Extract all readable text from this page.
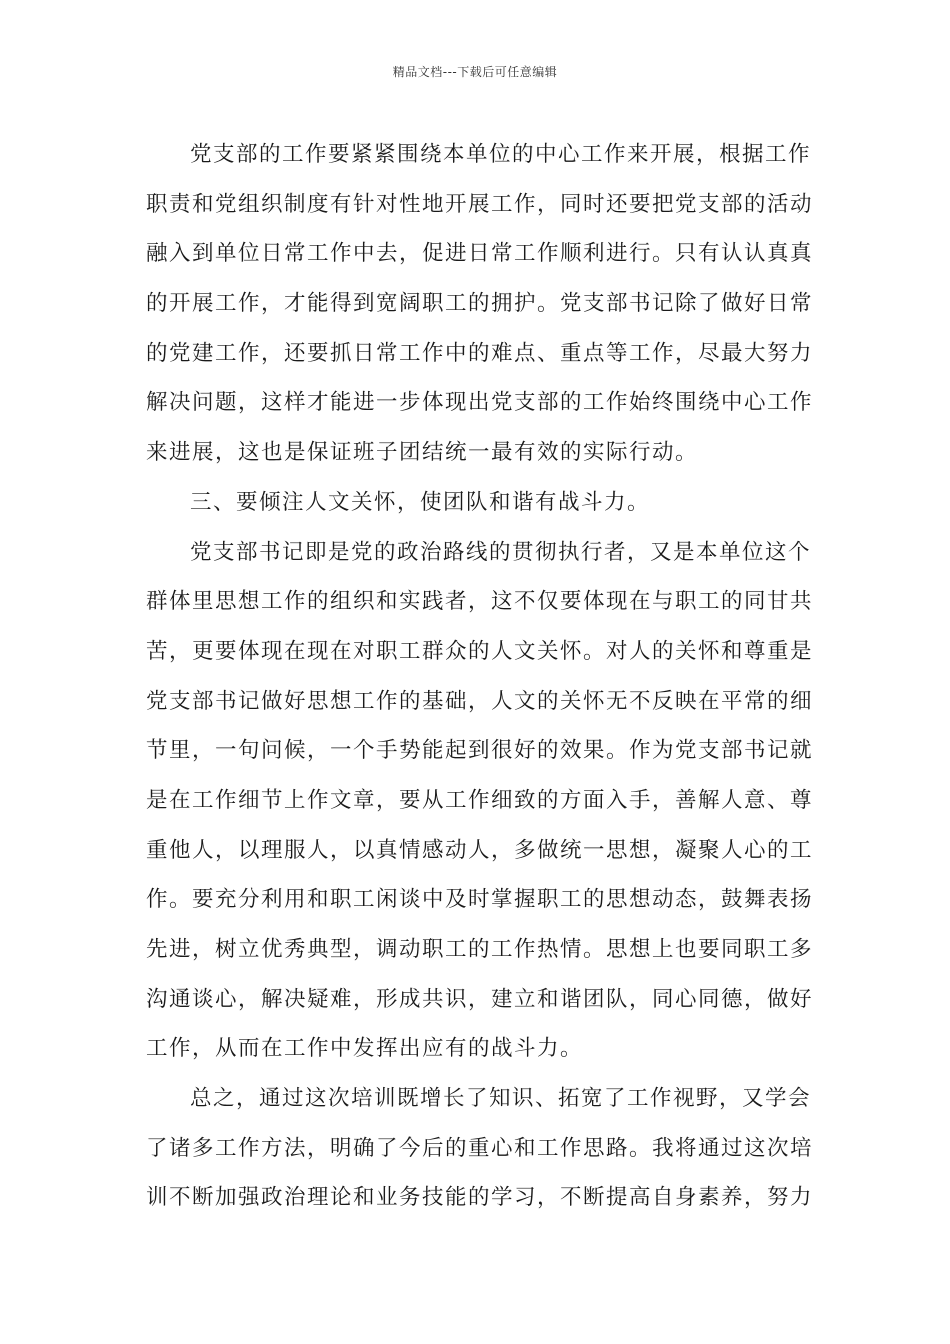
精品文档---下载后可任意编辑
党支部的工作要紧紧围绕本单位的中心工作来开展，根据工作
职责和党组织制度有针对性地开展工作，同时还要把党支部的活动
融入到单位日常工作中去，促进日常工作顺利进行。只有认认真真
的开展工作，才能得到宽阔职工的拥护。党支部书记除了做好日常
的党建工作，还要抓日常工作中的难点、重点等工作，尽最大努力
解决问题，这样才能进一步体现出党支部的工作始终围绕中心工作
来进展，这也是保证班子团结统一最有效的实际行动。
三、要倾注人文关怀，使团队和谐有战斗力。
党支部书记即是党的政治路线的贯彻执行者，又是本单位这个
群体里思想工作的组织和实践者，这不仅要体现在与职工的同甘共
苦，更要体现在现在对职工群众的人文关怀。对人的关怀和尊重是
党支部书记做好思想工作的基础，人文的关怀无不反映在平常的细
节里，一句问候，一个手势能起到很好的效果。作为党支部书记就
是在工作细节上作文章，要从工作细致的方面入手，善解人意、尊
重他人，以理服人，以真情感动人，多做统一思想，凝聚人心的工
作。要充分利用和职工闲谈中及时掌握职工的思想动态，鼓舞表扬
先进，树立优秀典型，调动职工的工作热情。思想上也要同职工多
沟通谈心，解决疑难，形成共识，建立和谐团队，同心同德，做好
工作，从而在工作中发挥出应有的战斗力。
总之，通过这次培训既增长了知识、拓宽了工作视野，又学会
了诸多工作方法，明确了今后的重心和工作思路。我将通过这次培
训不断加强政治理论和业务技能的学习，不断提高自身素养，努力
